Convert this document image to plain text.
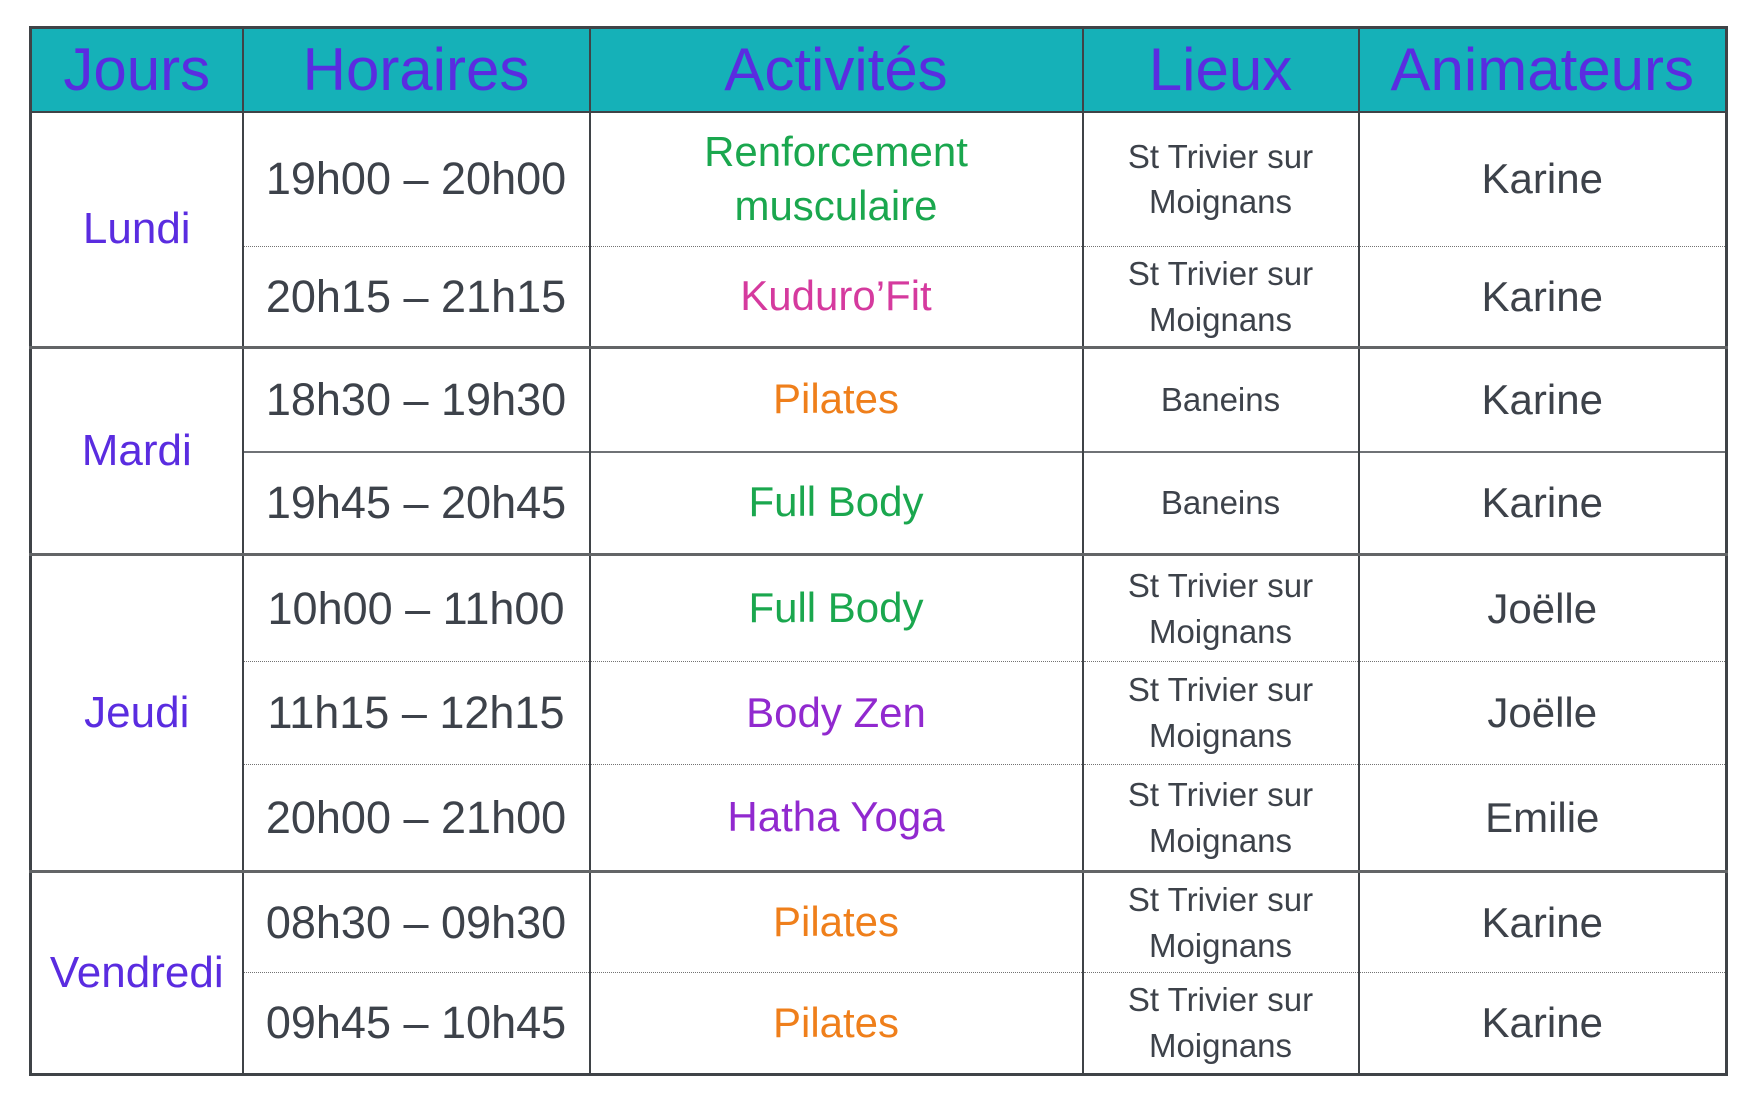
Jours	Horaires	Activités	Lieux	Animateurs
Lundi	19h00 – 20h00	Renforcement musculaire	St Trivier sur Moignans	Karine
	20h15 – 21h15	Kuduro’Fit	St Trivier sur Moignans	Karine
Mardi	18h30 – 19h30	Pilates	Baneins	Karine
	19h45 – 20h45	Full Body	Baneins	Karine
Jeudi	10h00 – 11h00	Full Body	St Trivier sur Moignans	Joëlle
	11h15 – 12h15	Body Zen	St Trivier sur Moignans	Joëlle
	20h00 – 21h00	Hatha Yoga	St Trivier sur Moignans	Emilie
Vendredi	08h30 – 09h30	Pilates	St Trivier sur Moignans	Karine
	09h45 – 10h45	Pilates	St Trivier sur Moignans	Karine
